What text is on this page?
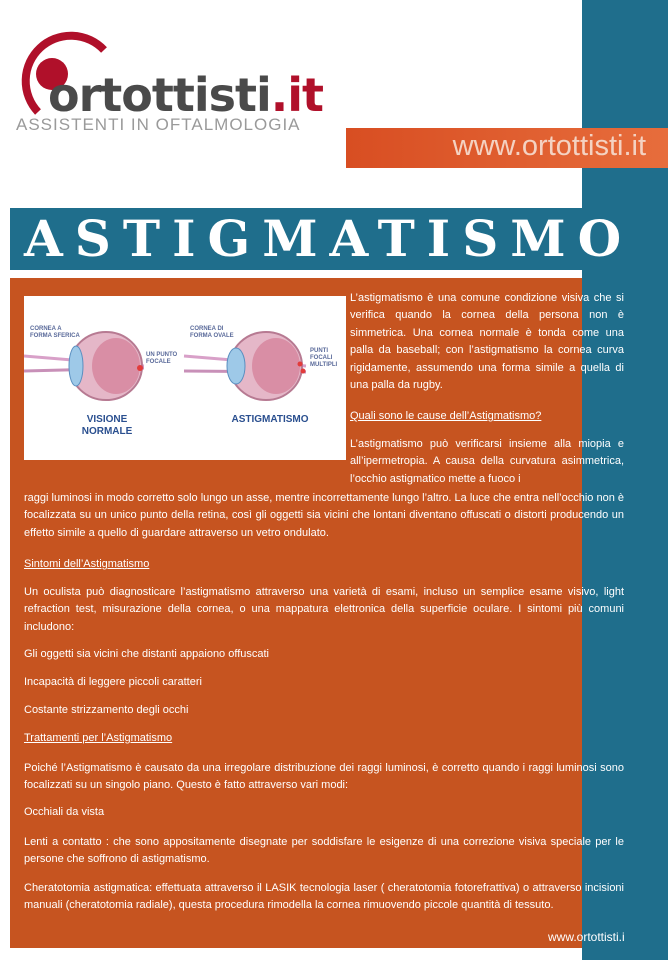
ortottisti.it
ASSISTENTI IN OFTALMOLOGIA
www.ortottisti.it
ASTIGMATISMO
CORNEA A
FORMA SFERICA
UN PUNTO
FOCALE
CORNEA DI
FORMA OVALE
PUNTI
FOCALI
MULTIPLI
VISIONE
NORMALE
ASTIGMATISMO
L’astigmatismo è una comune condizione visiva che si verifica quando la cornea della persona non è simmetrica. Una cornea normale è tonda come una palla da baseball; con l’astigmatismo la cornea curva rigidamente, assumendo una forma simile a quella di una palla da rugby.
Quali sono le cause dell’Astigmatismo?
L’astigmatismo può verificarsi insieme alla miopia e all’ipermetropia. A causa della curvatura asimmetrica, l’occhio astigmatico mette a fuoco i
raggi luminosi in modo corretto solo lungo un asse, mentre incorrettamente lungo l’altro. La luce che entra nell’occhio non è focalizzata su un unico punto della retina, così gli oggetti sia vicini che lontani diventano offuscati o distorti producendo un effetto simile a quello di guardare attraverso un vetro ondulato.
Sintomi dell’Astigmatismo
Un oculista può diagnosticare l’astigmatismo attraverso una varietà di esami, incluso un semplice esame visivo, light refraction test, misurazione della cornea, o una mappatura elettronica della superficie oculare. I sintomi più comuni includono:
Gli oggetti sia vicini che distanti appaiono offuscati
Incapacità di leggere piccoli caratteri
Costante strizzamento degli occhi
Trattamenti per l’Astigmatismo
Poiché l’Astigmatismo è causato da una irregolare distribuzione dei raggi luminosi, è corretto quando i raggi luminosi sono focalizzati su un singolo piano. Questo è fatto attraverso vari modi:
Occhiali da vista
Lenti a contatto : che sono appositamente disegnate per soddisfare le esigenze di una correzione visiva speciale per le persone che soffrono di astigmatismo.
Cheratotomia astigmatica: effettuata attraverso il LASIK tecnologia laser ( cheratotomia fotorefrattiva) o attraverso incisioni manuali (cheratotomia radiale), questa procedura rimodella la cornea rimuovendo piccole quantità di tessuto.
www.ortottisti.i
